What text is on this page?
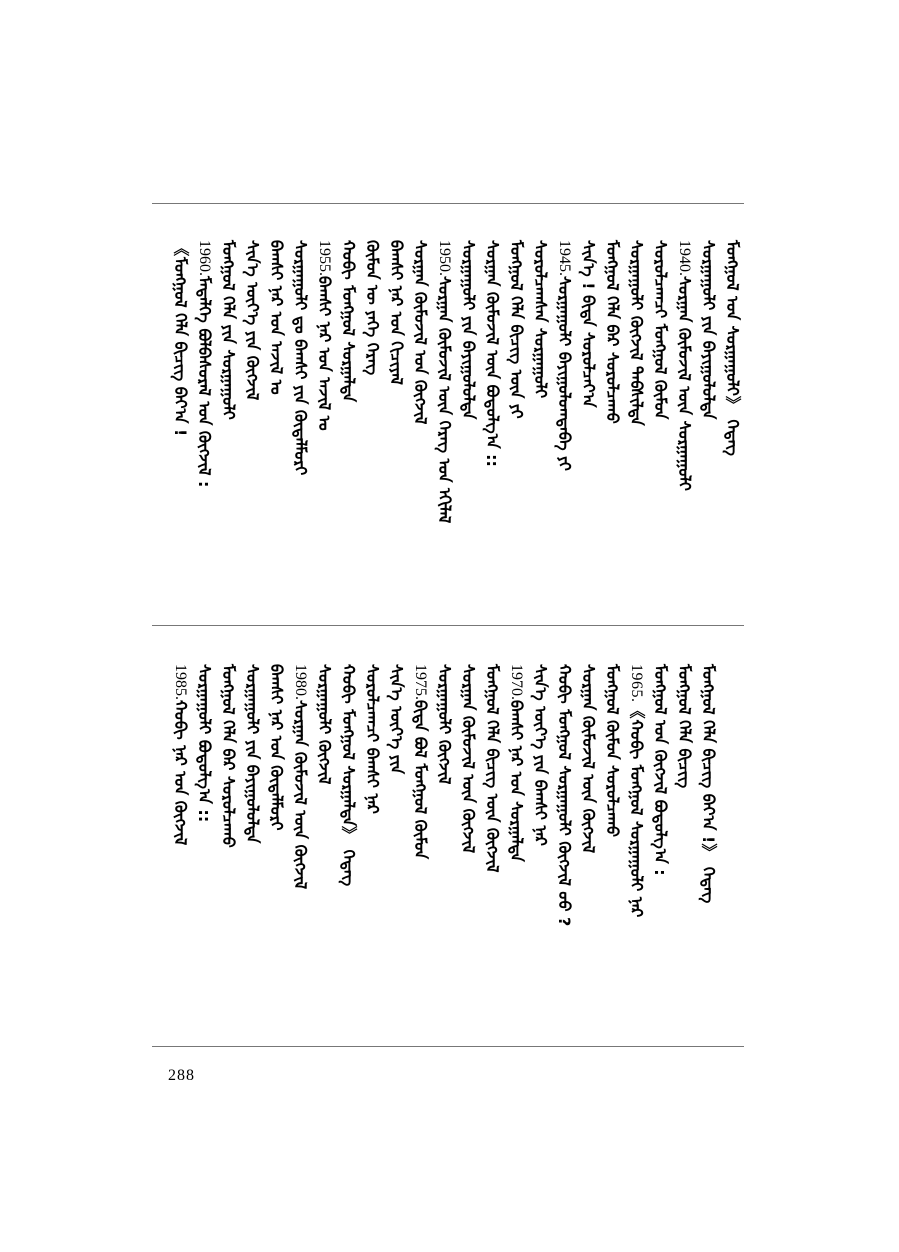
《ᠮᠣᠩᠭᠣᠯ ᠬᠡᠯᠡ ᠪᠢᠴᠢᠭ ᠪᠠᠶ᠎ᠠ ! 1960.ᠮᠡᠳᠡᠯᠭᠡ ᠪᠣᠯᠪᠠᠰᠤᠷᠠᠯ ᠤᠨ ᠬᠥᠭᠵᠢᠯ : ᠮᠣᠩᠭᠣᠯ ᠬᠡᠯᠡ ᠶᠢᠨ ᠰᠤᠷᠭᠠᠭᠤᠯᠢ ᠰᠢᠨ᠎ᠡ ᠦᠶ᠎ᠡ ᠶᠢᠨ ᠬᠥᠭᠵᠢᠯ ᠪᠠᠭᠰᠢ ᠨᠠᠷ ᠤᠨ ᠠᠵᠢᠯ ᠤ ᠰᠤᠷᠭᠠᠭᠤᠯᠢ ᠳᠤ ᠪᠠᠭᠰᠢ ᠶᠢᠨ ᠬᠥᠳᠡᠯᠮᠦᠷᠢ 1955.ᠪᠠᠭᠰᠢ ᠨᠠᠷ ᠤᠨ ᠠᠵᠢᠯ ᠤ ᠬᠣᠪᠢ ᠮᠣᠩᠭᠣᠯ ᠰᠤᠷᠭᠠᠯᠲᠠ ᠬᠦᠮᠦᠨ ᠦ ᠶᠡᠬᠡ ᠬᠡᠷᠡᠭ ᠪᠠᠭᠰᠢ ᠨᠠᠷ ᠤᠨ ᠬᠢᠴᠢᠶᠡᠯ ᠰᠤᠷᠭᠠᠨ ᠬᠥᠮᠦᠵᠢᠯ ᠤᠨ ᠬᠥᠭᠵᠢᠯ 1950.ᠰᠤᠷᠭᠠᠨ ᠬᠥᠮᠦᠵᠢᠯ ᠦᠨ ᠬᠡᠷᠡᠭ ᠤᠨ ᠡᠬᠢᠯᠡᠯ ᠰᠤᠷᠭᠠᠭᠤᠯᠢ ᠶᠢᠨ ᠪᠠᠶᠢᠭᠤᠯᠤᠯᠲᠠ ᠰᠤᠷᠭᠠᠨ ᠬᠥᠮᠦᠵᠢᠯ ᠦᠨ ᠪᠣᠳᠤᠯᠭ᠎ᠠ :: ᠮᠣᠩᠭᠣᠯ ᠬᠡᠯᠡ ᠪᠢᠴᠢᠭ ᠦᠨ ᠶᠢ ᠰᠤᠷᠤᠯᠴᠠᠭᠰᠠᠨ ᠰᠤᠷᠭᠠᠭᠤᠯᠢ 1945.ᠰᠤᠷᠭᠠᠭᠤᠯᠢ ᠪᠠᠶᠢᠭᠤᠯᠤᠭᠳᠠᠪᠠ ᠶᠢ ᠰᠢᠨ᠎ᠡ ! ᠪᠢᠳᠡ ᠰᠤᠷᠤᠯᠴᠠᠶ᠎ᠠ ᠮᠣᠩᠭᠣᠯ ᠬᠡᠯᠡ ᠪᠡᠷ ᠰᠤᠷᠤᠯᠴᠠᠬᠤ ᠰᠤᠷᠭᠠᠭᠤᠯᠢ ᠬᠥᠭᠵᠢᠯ ᠳᠡᠪᠰᠢᠯᠲᠡ ᠰᠤᠷᠤᠯᠴᠠᠭᠴᠢ ᠮᠣᠩᠭᠣᠯ ᠬᠦᠮᠦᠨ 1940.ᠰᠤᠷᠭᠠᠨ ᠬᠥᠮᠦᠵᠢᠯ ᠦᠨ ᠰᠤᠷᠭᠠᠭᠤᠯᠢ ᠰᠤᠷᠭᠠᠭᠤᠯᠢ ᠶᠢᠨ ᠪᠠᠶᠢᠭᠤᠯᠤᠯᠲᠠ ᠮᠣᠩᠭᠣᠯ ᠤᠨ ᠰᠤᠷᠭᠠᠭᠤᠯᠢ》 ᠭᠡᠳᠡᠭ
1985.ᠬᠤᠪᠢ ᠨᠠᠷ ᠤᠨ ᠬᠥᠭᠵᠢᠯ ᠰᠤᠷᠭᠠᠭᠤᠯᠢ ᠪᠣᠳᠤᠯᠭ᠎ᠠ :: ᠮᠣᠩᠭᠣᠯ ᠬᠡᠯᠡ ᠪᠡᠷ ᠰᠤᠷᠤᠯᠴᠠᠬᠤ ᠰᠤᠷᠭᠠᠭᠤᠯᠢ ᠶᠢᠨ ᠪᠠᠶᠢᠭᠤᠯᠤᠯᠲᠠ ᠪᠠᠭᠰᠢ ᠨᠠᠷ ᠤᠨ ᠬᠥᠳᠡᠯᠮᠦᠷᠢ 1980.ᠰᠤᠷᠭᠠᠨ ᠬᠥᠮᠦᠵᠢᠯ ᠦᠨ ᠬᠥᠭᠵᠢᠯ ᠰᠤᠷᠭᠠᠭᠤᠯᠢ ᠬᠥᠭᠵᠢᠯ ᠬᠣᠪᠢ ᠮᠣᠩᠭᠣᠯ ᠰᠤᠷᠭᠠᠯᠲᠠ》 ᠭᠡᠳᠡᠭ ᠰᠤᠷᠤᠯᠴᠠᠭᠴᠢ ᠪᠠᠭᠰᠢ ᠨᠠᠷ ᠰᠢᠨ᠎ᠡ ᠦᠶ᠎ᠡ ᠶᠢᠨ 1975.ᠪᠢᠳᠡ ᠪᠣᠯ ᠮᠣᠩᠭᠣᠯ ᠬᠦᠮᠦᠨ ᠰᠤᠷᠭᠠᠭᠤᠯᠢ ᠬᠥᠭᠵᠢᠯ ᠰᠤᠷᠭᠠᠨ ᠬᠥᠮᠦᠵᠢᠯ ᠦᠨ ᠬᠥᠭᠵᠢᠯ ᠮᠣᠩᠭᠣᠯ ᠬᠡᠯᠡ ᠪᠢᠴᠢᠭ ᠦᠨ ᠬᠥᠭᠵᠢᠯ 1970.ᠪᠠᠭᠰᠢ ᠨᠠᠷ ᠤᠨ ᠰᠤᠷᠭᠠᠯᠲᠠ ᠰᠢᠨ᠎ᠡ ᠦᠶ᠎ᠡ ᠶᠢᠨ ᠪᠠᠭᠰᠢ ᠨᠠᠷ ᠬᠣᠪᠢ ᠮᠣᠩᠭᠣᠯ ᠰᠤᠷᠭᠠᠭᠤᠯᠢ ᠬᠥᠭᠵᠢᠯ ᠤᠤ ? ᠰᠤᠷᠭᠠᠨ ᠬᠥᠮᠦᠵᠢᠯ ᠦᠨ ᠬᠥᠭᠵᠢᠯ ᠮᠣᠩᠭᠣᠯ ᠬᠦᠮᠦᠨ ᠰᠤᠷᠤᠯᠴᠠᠬᠤ 1965.《ᠬᠣᠪᠢ ᠮᠣᠩᠭᠣᠯ ᠰᠤᠷᠭᠠᠭᠤᠯᠢ ᠨᠠᠷ ᠮᠣᠩᠭᠣᠯ ᠤᠨ ᠬᠥᠭᠵᠢᠯ ᠪᠣᠳᠤᠯᠭ᠎ᠠ : ᠮᠣᠩᠭᠣᠯ ᠬᠡᠯᠡ ᠪᠢᠴᠢᠭ ᠮᠣᠩᠭᠣᠯ ᠬᠡᠯᠡ ᠪᠢᠴᠢᠭ ᠪᠠᠶ᠎ᠠ !》 ᠭᠡᠳᠡᠭ
288
